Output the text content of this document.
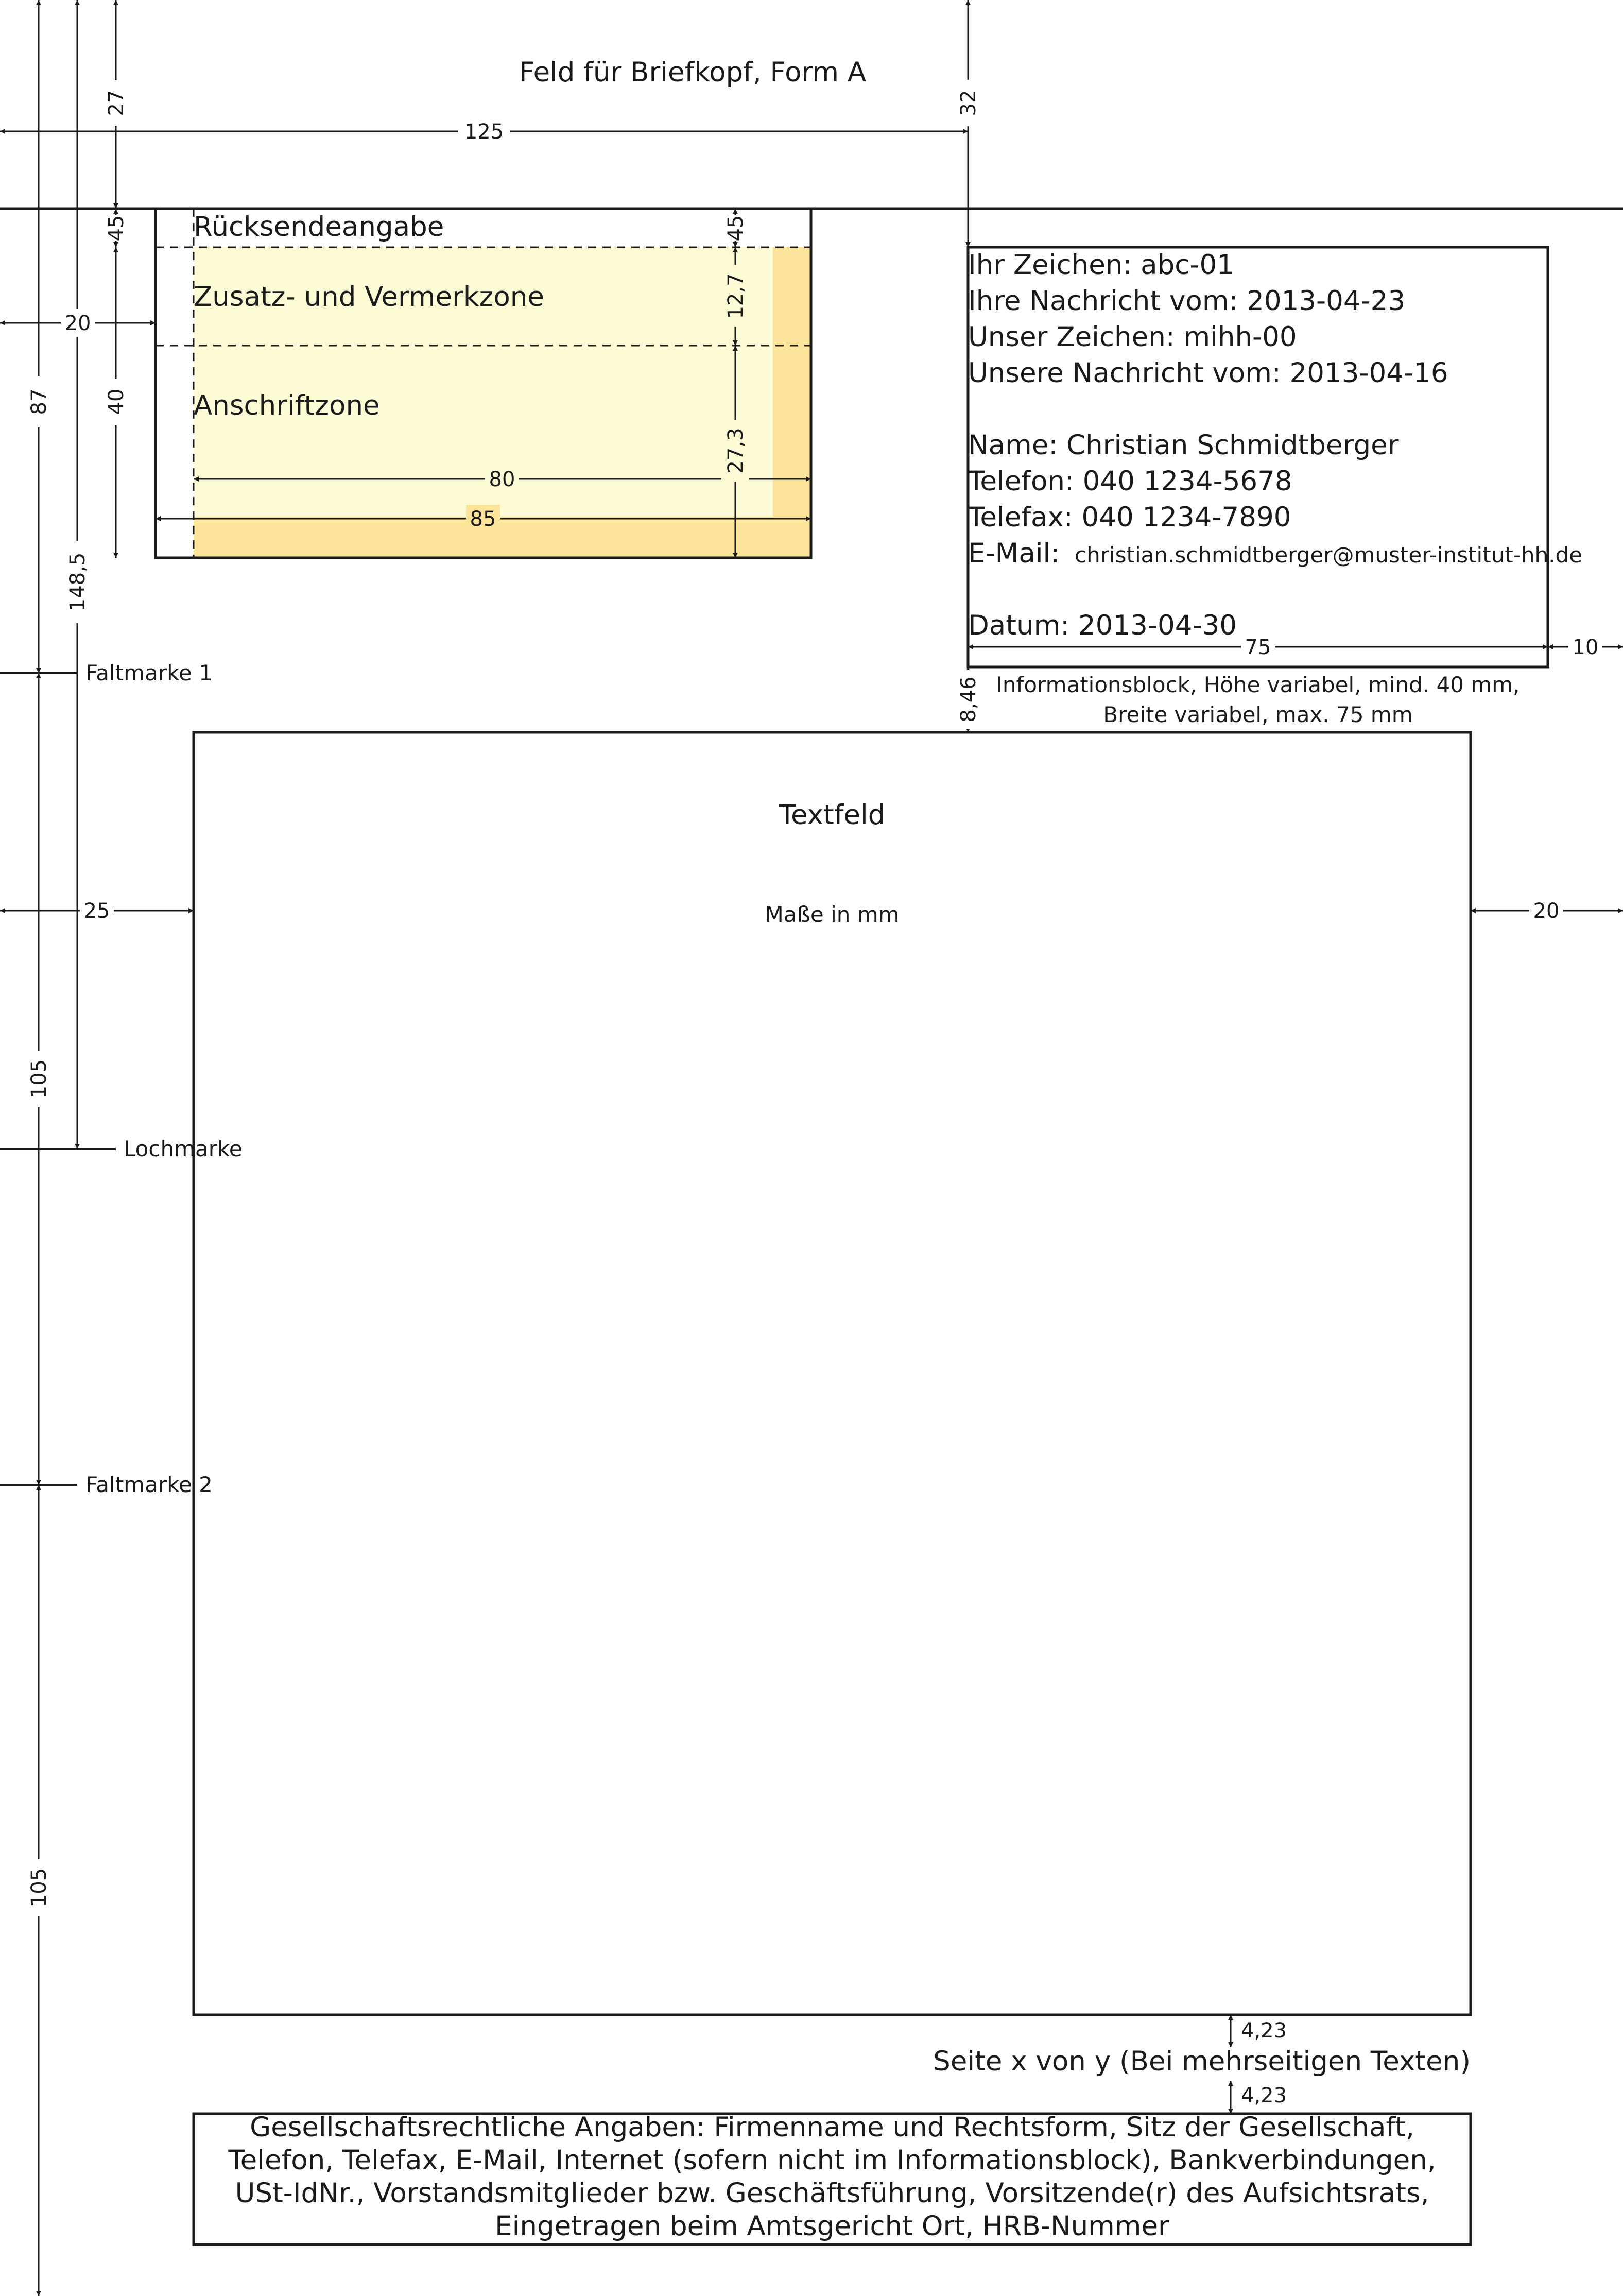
Feld für Briefkopf, Form A
Rücksendeangabe
Zusatz- und Vermerkzone
Anschriftzone
Ihr Zeichen: abc-01
Ihre Nachricht vom: 2013-04-23
Unser Zeichen: mihh-00
Unsere Nachricht vom: 2013-04-16
Name: Christian Schmidtberger
Telefon: 040 1234-5678
Telefax: 040 1234-7890
E-Mail: christian.schmidtberger@muster-institut-hh.de
Datum: 2013-04-30
Informationsblock, Höhe variabel, mind. 40 mm,
Breite variabel, max. 75 mm
Textfeld
Maße in mm
Seite x von y (Bei mehrseitigen Texten)
Gesellschaftsrechtliche Angaben: Firmenname und Rechtsform, Sitz der Gesellschaft,
Telefon, Telefax, E-Mail, Internet (sofern nicht im Informationsblock), Bankverbindungen,
USt-IdNr., Vorstandsmitglieder bzw. Geschäftsführung, Vorsitzende(r) des Aufsichtsrats,
Eingetragen beim Amtsgericht Ort, HRB-Nummer
Faltmarke 1
Lochmarke
Faltmarke 2
125
20
80
85
75	10
25	20
87
148,5
27
45
40
105
105
32
45
12,7
27,3
8,46
4,23
4,23
